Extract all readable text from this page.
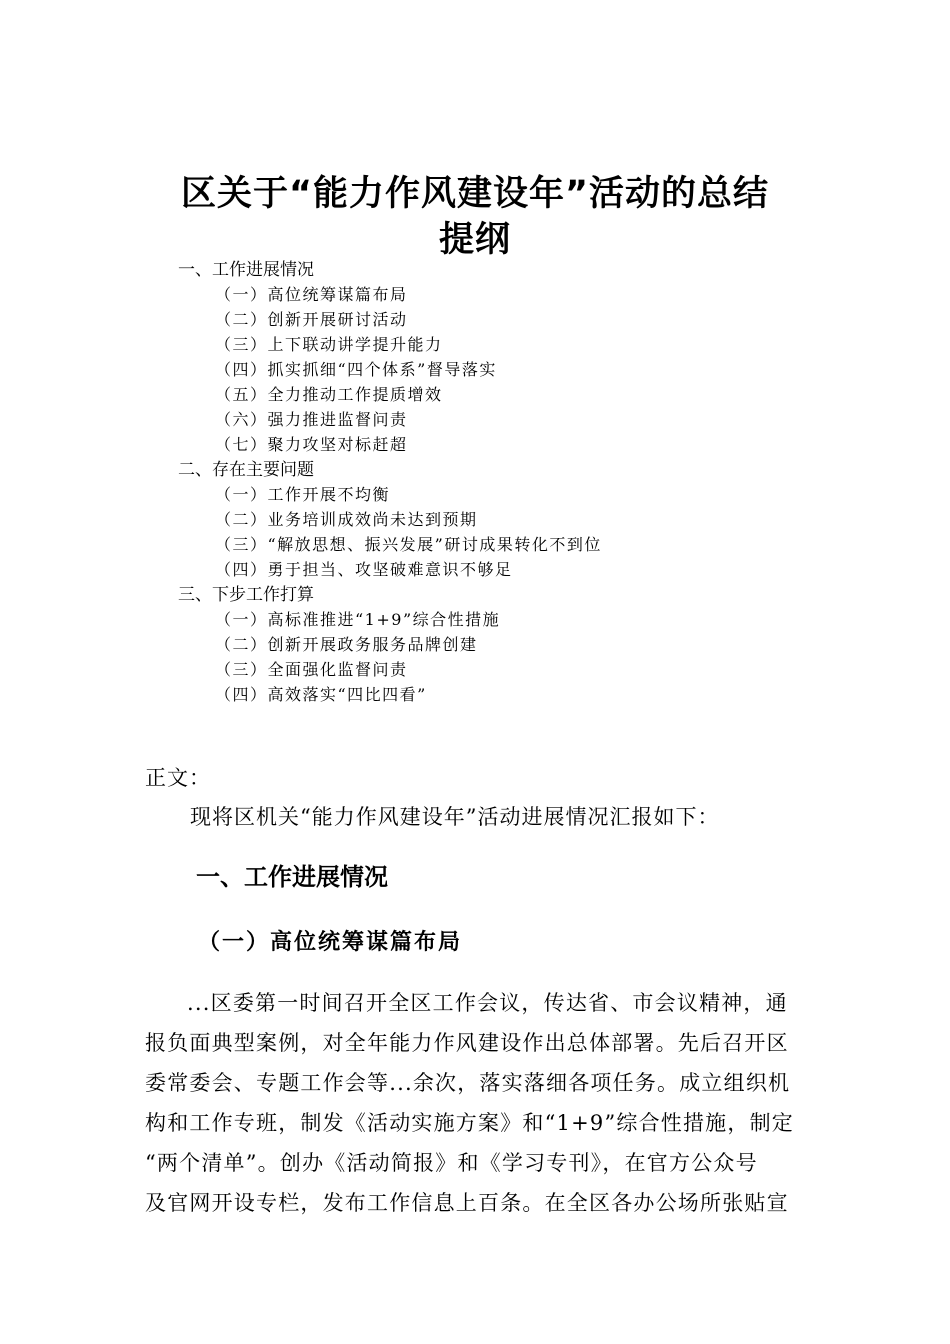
区关于“能力作风建设年”活动的总结
提纲
一、工作进展情况
（一）高位统筹谋篇布局
（二）创新开展研讨活动
（三）上下联动讲学提升能力
（四）抓实抓细“四个体系”督导落实
（五）全力推动工作提质增效
（六）强力推进监督问责
（七）聚力攻坚对标赶超
二、存在主要问题
（一）工作开展不均衡
（二）业务培训成效尚未达到预期
（三）“解放思想、振兴发展”研讨成果转化不到位
（四）勇于担当、攻坚破难意识不够足
三、下步工作打算
（一）高标准推进“1+9”综合性措施
（二）创新开展政务服务品牌创建
（三）全面强化监督问责
（四）高效落实“四比四看”
正文：
现将区机关“能力作风建设年”活动进展情况汇报如下：
一、工作进展情况
（一）高位统筹谋篇布局
...区委第一时间召开全区工作会议，传达省、市会议精神，通
报负面典型案例，对全年能力作风建设作出总体部署。先后召开区
委常委会、专题工作会等...余次，落实落细各项任务。成立组织机
构和工作专班，制发《活动实施方案》和“1+9”综合性措施，制定
“两个清单”。创办《活动简报》和《学习专刊》，在官方公众号
及官网开设专栏，发布工作信息上百条。在全区各办公场所张贴宣
